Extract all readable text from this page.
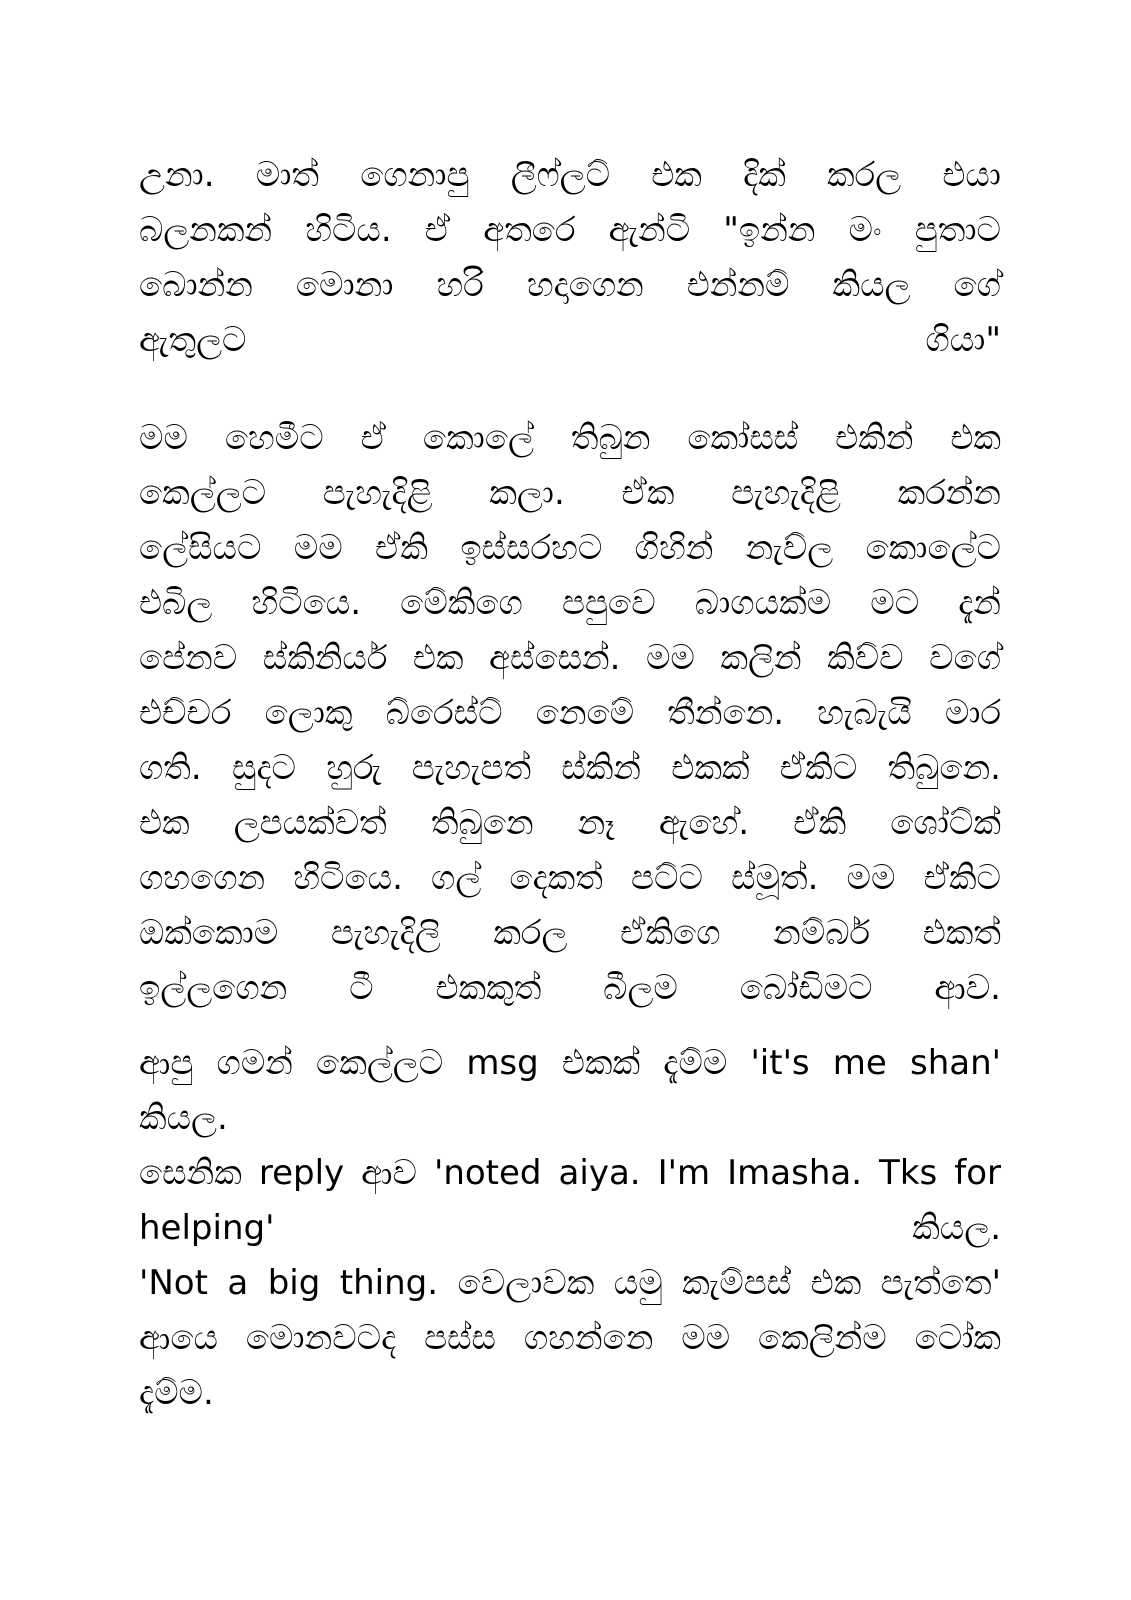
උනා. මාත් ගෙනාපු ලීෆ්ලට් එක දික් කරල එයා
බලනකන් හිටිය. ඒ අතරෙ ඇන්ටි "ඉන්න මං පුතාට
බොන්න මොනා හරි හදාගෙන එන්නම් කියල ගේ
ඇතුලට ගියා"
මම හෙමීට ඒ කොලේ තිබුන කෝසස් එකින් එක
කෙල්ලට පැහැදිළි කලා. ඒක පැහැදිළි කරන්න
ලේසියට මම ඒකි ඉස්සරහට ගිහින් නැව්ල කොලේට
එබිල හිටියෙ. මේකිගෙ පපුවෙ බාගයක්ම මට දැන්
පේනව ස්කිනියර් එක අස්සෙන්. මම කලින් කිව්ව වගේ
එච්චර ලොකු බ්රෙස්ට් නෙමේ තීන්නෙ. හැබැයි මාර
ගති. සුදට හුරු පැහැපත් ස්කින් එකක් ඒකිට තිබුනෙ.
එක ලපයක්වත් තිබුනෙ නෑ ඇහේ. ඒකි ශෝට්ක්
ගහගෙන හිටියෙ. ගල් දෙකත් පට්ට ස්මූත්. මම ඒකිට
ඔක්කොම පැහැදිලි කරල ඒකිගෙ නම්බර් එකත්
ඉල්ලගෙන ටී එකකුත් බීලම බෝඩිමට ආව.
ආපු ගමන් කෙල්ලට msg එකක් දැම්ම 'it's me shan'
කියල.
සෙනික reply ආව 'noted aiya. I'm Imasha. Tks for
helping' කියල.
'Not a big thing. වෙලාවක යමු කැම්පස් එක පැත්තෙ'
ආයෙ මොනවටද පස්ස ගහන්නෙ මම කෙලින්ම ටෝක
දැම්ම.
